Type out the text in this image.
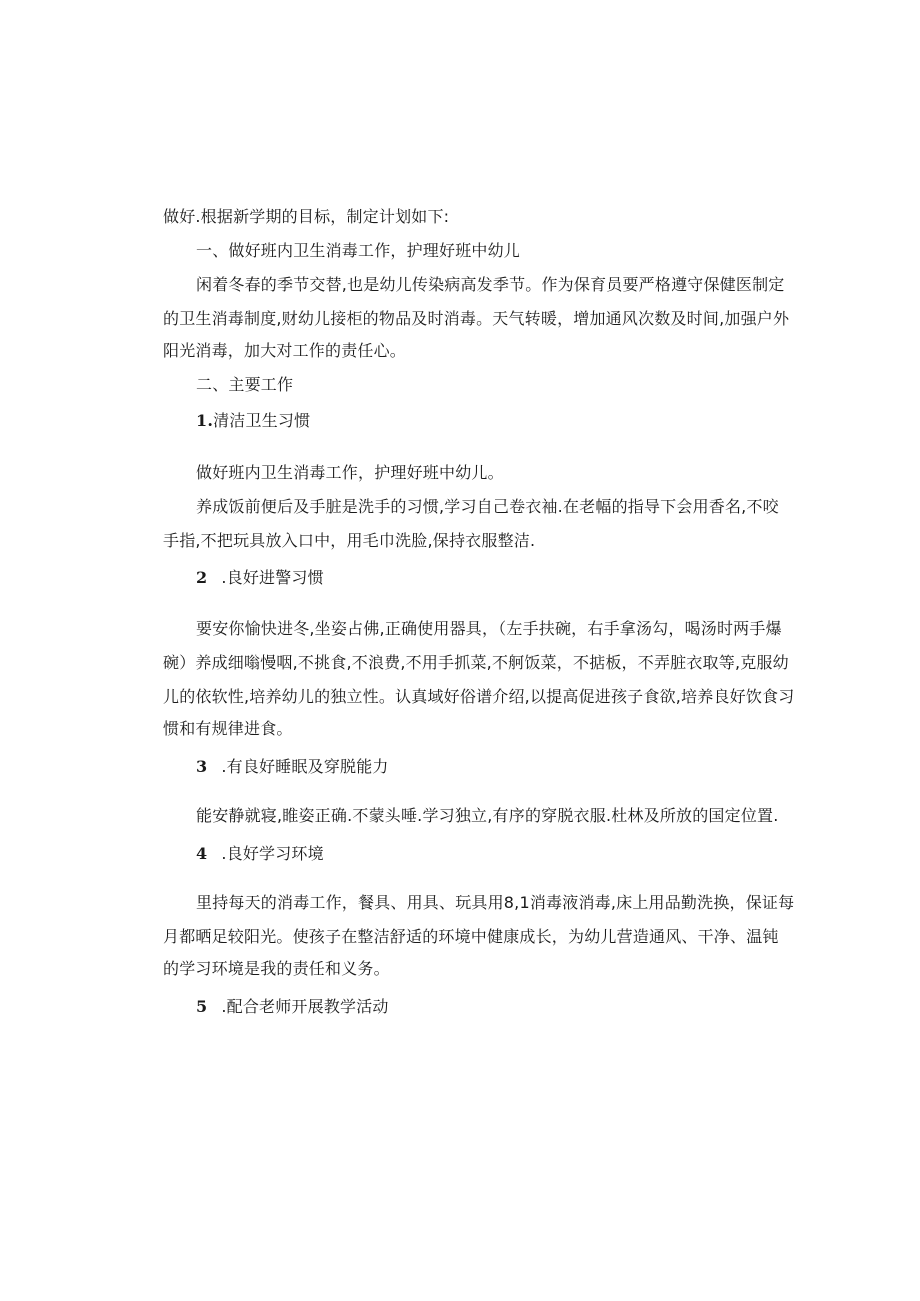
做好.根据新学期的目标，制定计划如下:
一、做好班内卫生消毒工作，护理好班中幼儿
闲着冬春的季节交替,也是幼儿传染病高发季节。作为保育员要严格遵守保健医制定
的卫生消毒制度,财幼儿接柜的物品及时消毒。天气转暖，增加通风次数及时间,加强户外
阳光消毒，加大对工作的责任心。
二、主要工作
1.清洁卫生习惯
做好班内卫生消毒工作，护理好班中幼儿。
养成饭前便后及手脏是洗手的习惯,学习自己卷衣袖.在老幅的指导下会用香名,不咬
手指,不把玩具放入口中，用毛巾洗脸,保持衣服整洁.
2 .良好进警习惯
要安你愉快进冬,坐姿占佛,正确使用器具，（左手扶碗，右手拿汤勾，喝汤时两手爆
碗）养成细嗡慢咽,不挑食,不浪费,不用手抓菜,不舸饭菜，不掂板，不弄脏衣取等,克服幼
儿的依软性,培养幼儿的独立性。认真域好俗谱介绍,以提高促进孩子食欲,培养良好饮食习
惯和有规律进食。
3 .有良好睡眠及穿脱能力
能安静就寝,睢姿正确.不蒙头唾.学习独立,有序的穿脱衣服.杜林及所放的国定位置.
4 .良好学习环境
里持每天的消毒工作，餐具、用具、玩具用8,1消毒液消毒,床上用品勤洗换，保证每
月都晒足较阳光。使孩子在整洁舒适的环境中健康成长，为幼儿营造通风、干净、温钝
的学习环境是我的责任和义务。
5 .配合老师开展教学活动
